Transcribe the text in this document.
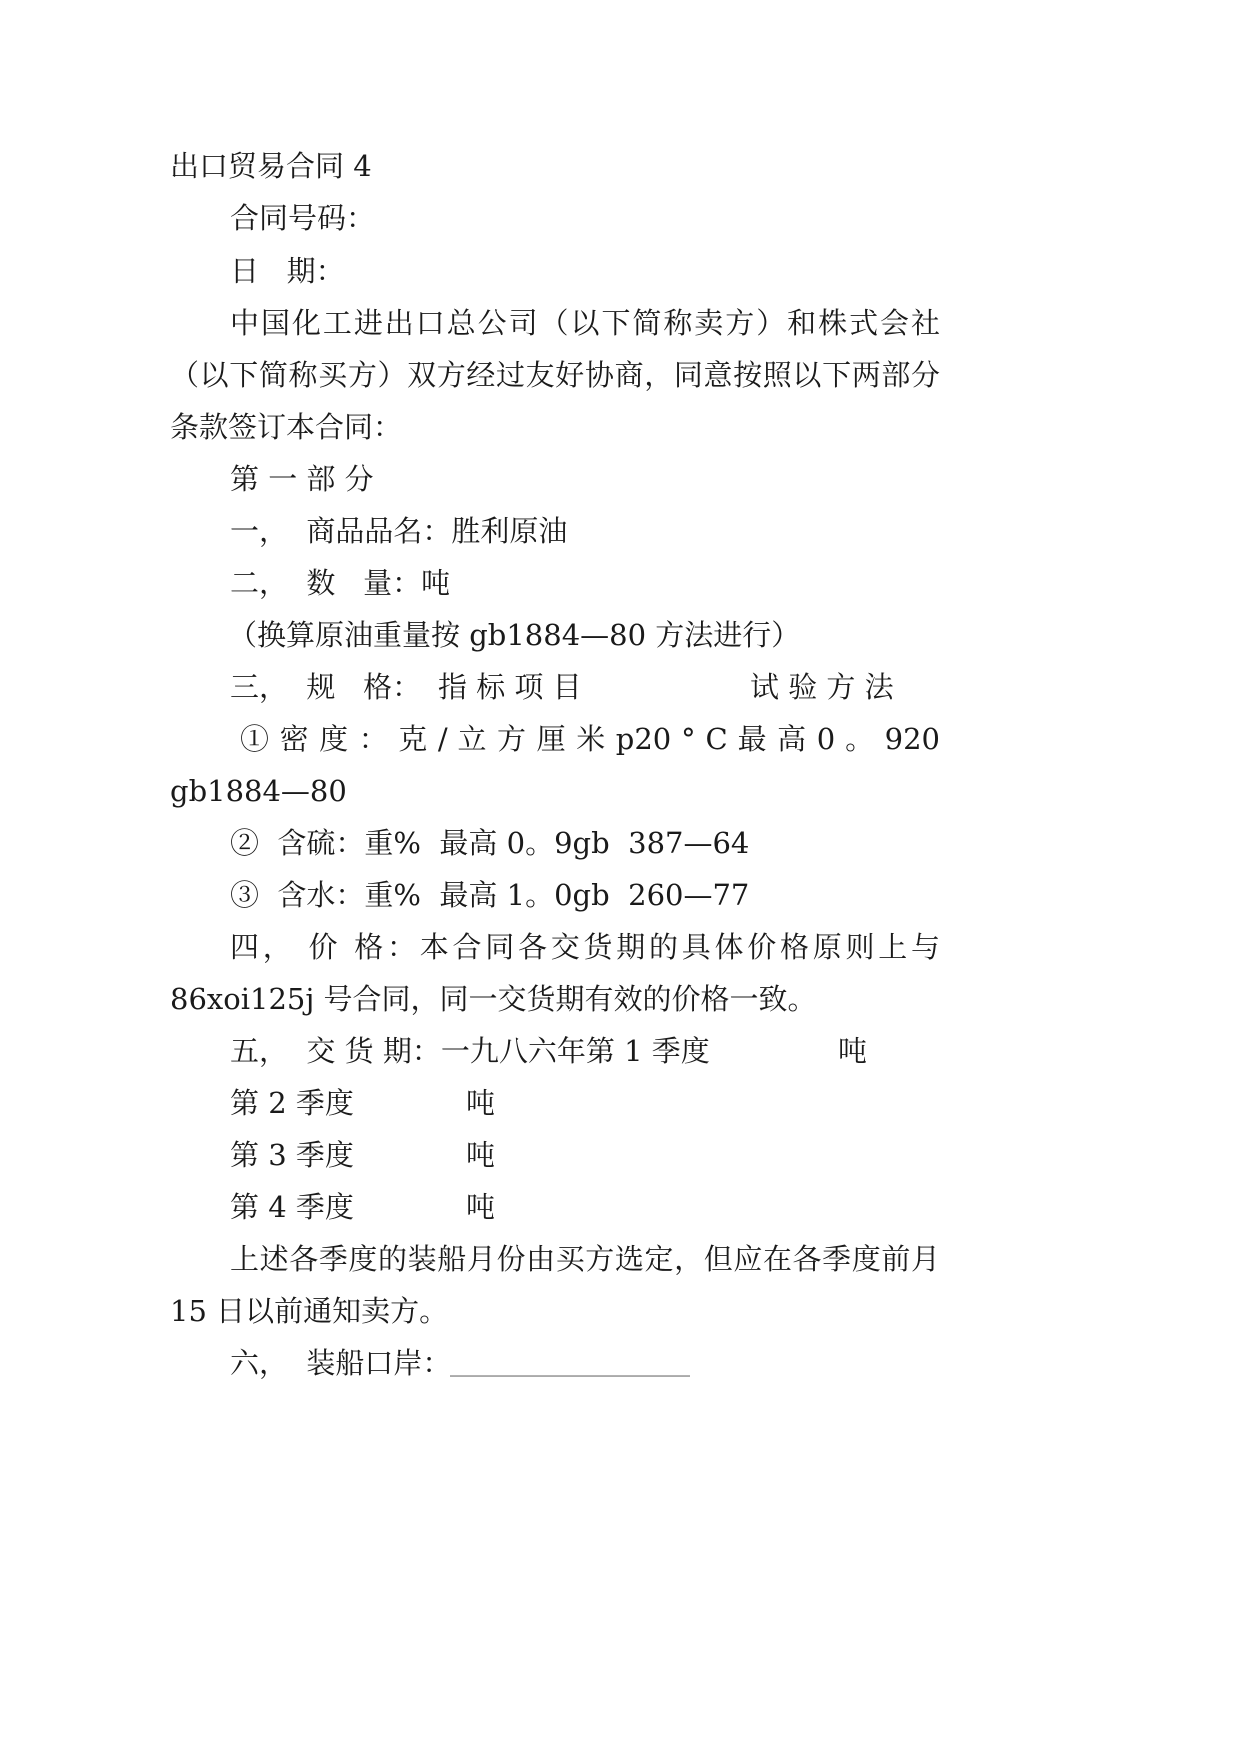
出口贸易合同 4
合同号码：
日   期：
中国化工进出口总公司（以下简称卖方）和株式会社
（以下简称买方）双方经过友好协商，同意按照以下两部分
条款签订本合同：
第 一 部 分
一，  商品品名：胜利原油
二，  数   量：吨
（换算原油重量按 gb1884—80 方法进行）
三，  规   格： 指 标 项 目	试 验 方 法
① 密 度 ： 克 / 立 方 厘 米 p20 ° C 最 高 0 。 920
gb1884—80
②  含硫：重%  最高 0。9gb  387—64
③  含水：重%  最高 1。0gb  260—77
四， 价 格：本合同各交货期的具体价格原则上与
86xoi125j 号合同，同一交货期有效的价格一致。
五，  交 货 期：一九八六年第 1 季度	吨
第 2 季度	吨
第 3 季度	吨
第 4 季度	吨
上述各季度的装船月份由买方选定，但应在各季度前月
15 日以前通知卖方。
六，  装船口岸：
____________________
